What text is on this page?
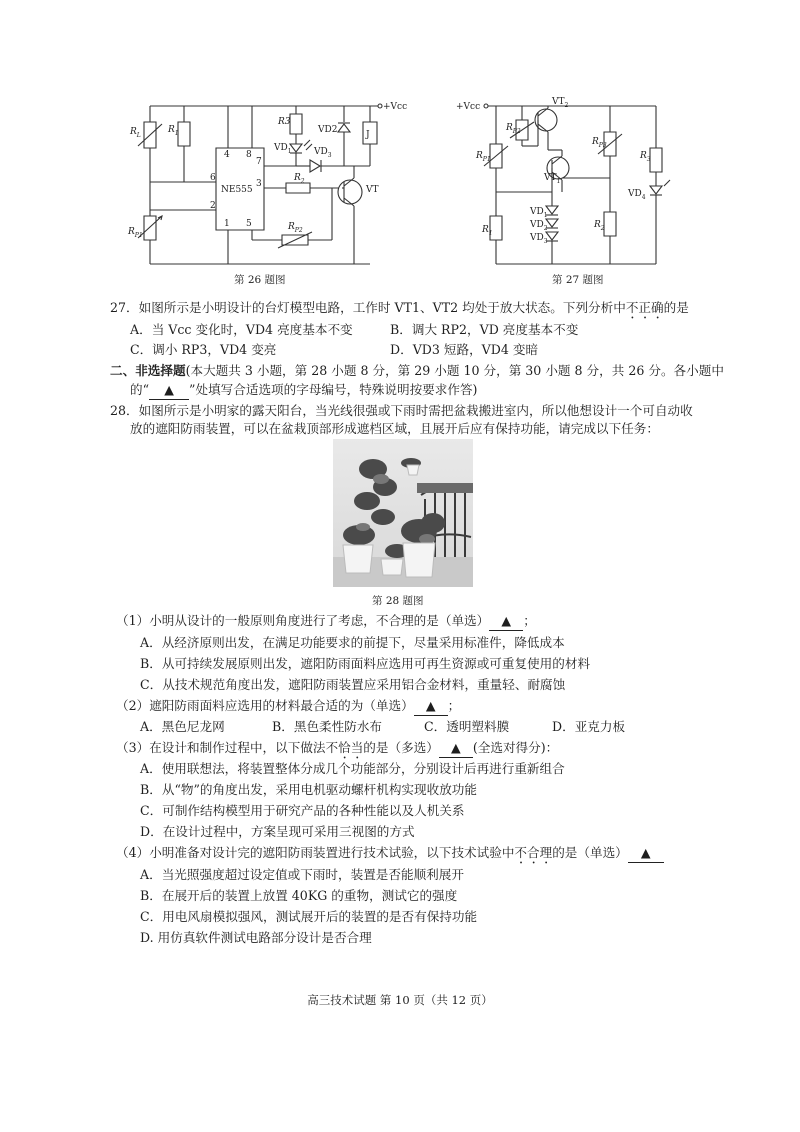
$R_L$
$R_1$
R3
VD2	J
$VD_1$ $VD_3$
+Vcc
NE555
4 8
6
7
3
2
1 5
$R_2$
VT
$R_{P1}$
$R_{P2}$
第 26 题图
+Vcc	$VT_2$
$R_{P2}$
$R_{P3}$
$R_{P1}$	$R_3$
$VT_1$
$VD_4$
$VD_1$
$VD_2$
$VD_3$
$R_1$
$R_2$
第 27 题图
27．如图所示是小明设计的台灯模型电路，工作时 VT1、VT2 均处于放大状态。下列分析中不正确的是
A．当 Vcc 变化时，VD4 亮度基本不变	B．调大 RP2，VD 亮度基本不变
C．调小 RP3，VD4 变亮	D．VD3 短路，VD4 变暗
二、非选择题(本大题共 3 小题，第 28 小题 8 分，第 29 小题 10 分，第 30 小题 8 分，共 26 分。各小题中
的“ ▲ ”处填写合适选项的字母编号，特殊说明按要求作答)
28．如图所示是小明家的露天阳台，当光线很强或下雨时需把盆栽搬进室内，所以他想设计一个可自动收
放的遮阳防雨装置，可以在盆栽顶部形成遮档区域，且展开后应有保持功能，请完成以下任务：
第 28 题图
（1）小明从设计的一般原则角度进行了考虑，不合理的是（单选） ▲ ；
A．从经济原则出发，在满足功能要求的前提下，尽量采用标准件，降低成本
B．从可持续发展原则出发，遮阳防雨面料应选用可再生资源或可重复使用的材料
C．从技术规范角度出发，遮阳防雨装置应采用铝合金材料，重量轻、耐腐蚀
（2）遮阳防雨面料应选用的材料最合适的为（单选） ▲ ；
A．黑色尼龙网	B．黑色柔性防水布	C．透明塑料膜	D．亚克力板
（3）在设计和制作过程中，以下做法不恰当的是（多选） ▲ (全选对得分)：
A．使用联想法，将装置整体分成几个功能部分，分别设计后再进行重新组合
B．从“物”的角度出发，采用电机驱动螺杆机构实现收放功能
C．可制作结构模型用于研究产品的各种性能以及人机关系
D．在设计过程中，方案呈现可采用三视图的方式
（4）小明准备对设计完的遮阳防雨装置进行技术试验，以下技术试验中不合理的是（单选） ▲
A．当光照强度超过设定值或下雨时，装置是否能顺利展开
B．在展开后的装置上放置 40KG 的重物，测试它的强度
C．用电风扇模拟强风，测试展开后的装置的是否有保持功能
D. 用仿真软件测试电路部分设计是否合理
高三技术试题 第 10 页（共 12 页）
